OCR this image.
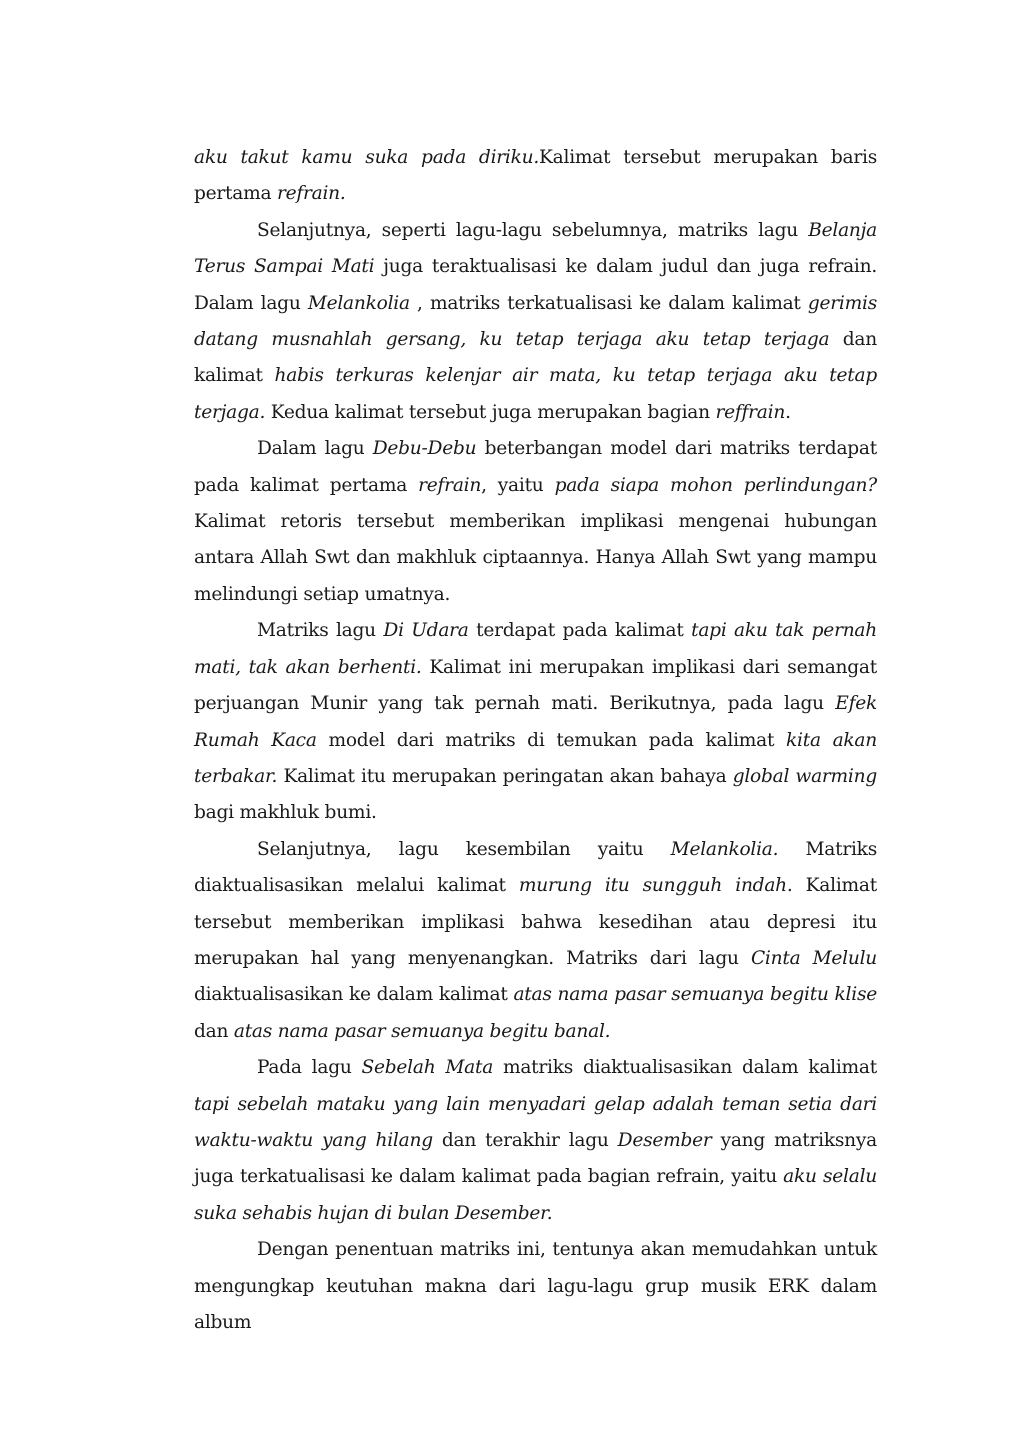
aku takut kamu suka pada diriku.Kalimat tersebut merupakan baris pertama refrain.

Selanjutnya, seperti lagu-lagu sebelumnya, matriks lagu Belanja Terus Sampai Mati juga teraktualisasi ke dalam judul dan juga refrain. Dalam lagu Melankolia , matriks terkatualisasi ke dalam kalimat gerimis datang musnahlah gersang, ku tetap terjaga aku tetap terjaga dan kalimat habis terkuras kelenjar air mata, ku tetap terjaga aku tetap terjaga. Kedua kalimat tersebut juga merupakan bagian reffrain.

Dalam lagu Debu-Debu beterbangan model dari matriks terdapat pada kalimat pertama refrain, yaitu pada siapa mohon perlindungan? Kalimat retoris tersebut memberikan implikasi mengenai hubungan antara Allah Swt dan makhluk ciptaannya. Hanya Allah Swt yang mampu melindungi setiap umatnya.

Matriks lagu Di Udara terdapat pada kalimat tapi aku tak pernah mati, tak akan berhenti. Kalimat ini merupakan implikasi dari semangat perjuangan Munir yang tak pernah mati. Berikutnya, pada lagu Efek Rumah Kaca model dari matriks di temukan pada kalimat kita akan terbakar. Kalimat itu merupakan peringatan akan bahaya global warming bagi makhluk bumi.

Selanjutnya, lagu kesembilan yaitu Melankolia. Matriks diaktualisasikan melalui kalimat murung itu sungguh indah. Kalimat tersebut memberikan implikasi bahwa kesedihan atau depresi itu merupakan hal yang menyenangkan. Matriks dari lagu Cinta Melulu diaktualisasikan ke dalam kalimat atas nama pasar semuanya begitu klise dan atas nama pasar semuanya begitu banal.

Pada lagu Sebelah Mata matriks diaktualisasikan dalam kalimat tapi sebelah mataku yang lain menyadari gelap adalah teman setia dari waktu-waktu yang hilang dan terakhir lagu Desember yang matriksnya juga terkatualisasi ke dalam kalimat pada bagian refrain, yaitu aku selalu suka sehabis hujan di bulan Desember.

Dengan penentuan matriks ini, tentunya akan memudahkan untuk mengungkap keutuhan makna dari lagu-lagu grup musik ERK dalam album
